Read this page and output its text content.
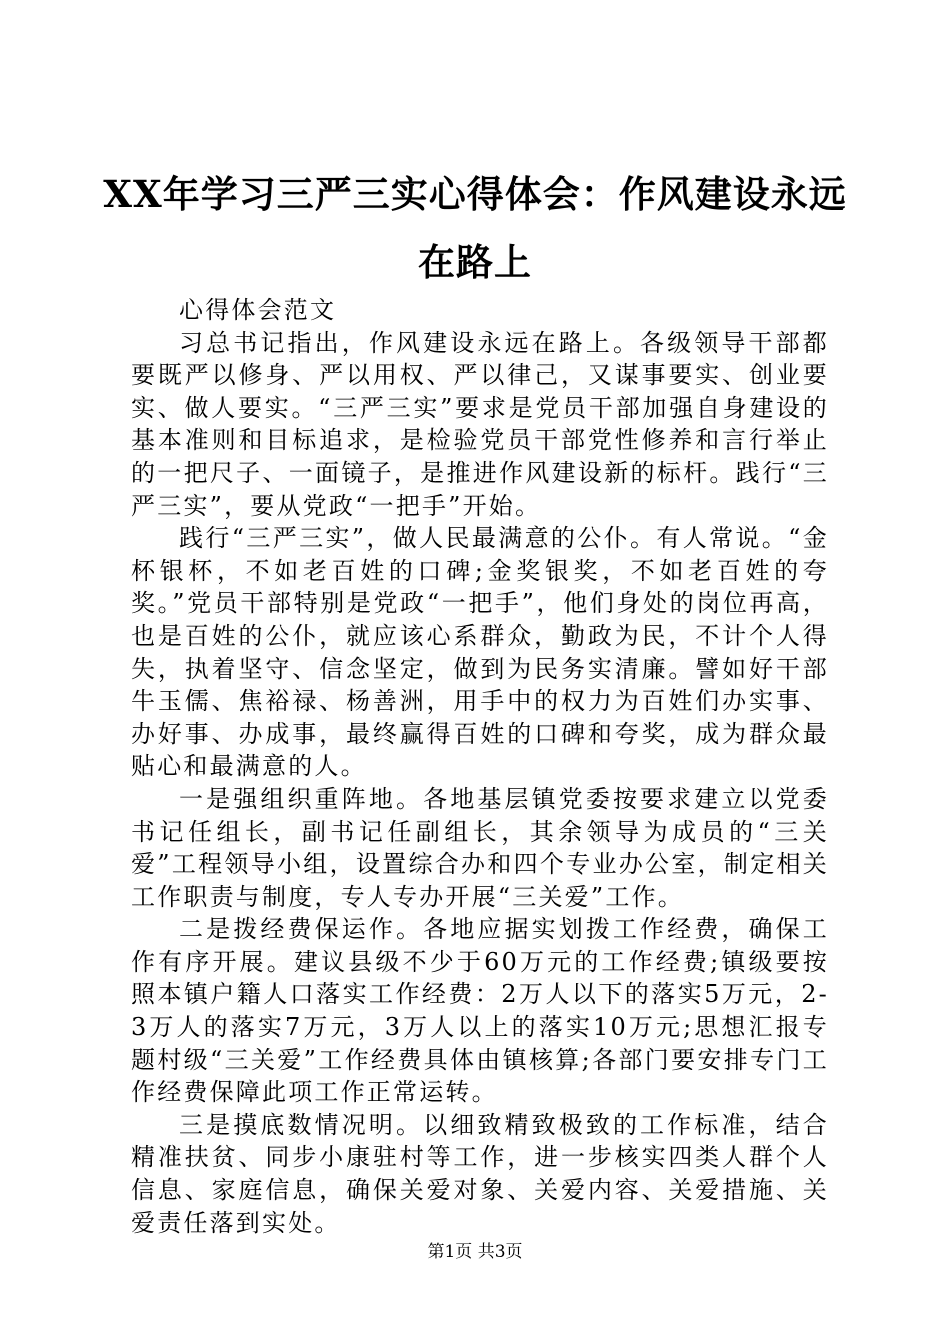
XX年学习三严三实心得体会：作风建设永远在路上

心得体会范文

习总书记指出，作风建设永远在路上。各级领导干部都要既严以修身、严以用权、严以律己，又谋事要实、创业要实、做人要实。“三严三实”要求是党员干部加强自身建设的基本准则和目标追求，是检验党员干部党性修养和言行举止的一把尺子、一面镜子，是推进作风建设新的标杆。践行“三严三实”，要从党政“一把手”开始。

践行“三严三实”，做人民最满意的公仆。有人常说。“金杯银杯，不如老百姓的口碑;金奖银奖，不如老百姓的夸奖。”党员干部特别是党政“一把手”，他们身处的岗位再高，也是百姓的公仆，就应该心系群众，勤政为民，不计个人得失，执着坚守、信念坚定，做到为民务实清廉。譬如好干部牛玉儒、焦裕禄、杨善洲，用手中的权力为百姓们办实事、办好事、办成事，最终赢得百姓的口碑和夸奖，成为群众最贴心和最满意的人。

一是强组织重阵地。各地基层镇党委按要求建立以党委书记任组长，副书记任副组长，其余领导为成员的“三关爱”工程领导小组，设置综合办和四个专业办公室，制定相关工作职责与制度，专人专办开展“三关爱”工作。

二是拨经费保运作。各地应据实划拨工作经费，确保工作有序开展。建议县级不少于60万元的工作经费;镇级要按照本镇户籍人口落实工作经费：2万人以下的落实5万元，2-3万人的落实7万元，3万人以上的落实10万元;思想汇报专题村级“三关爱”工作经费具体由镇核算;各部门要安排专门工作经费保障此项工作正常运转。

三是摸底数情况明。以细致精致极致的工作标准，结合精准扶贫、同步小康驻村等工作，进一步核实四类人群个人信息、家庭信息，确保关爱对象、关爱内容、关爱措施、关爱责任落到实处。

第1页 共3页
